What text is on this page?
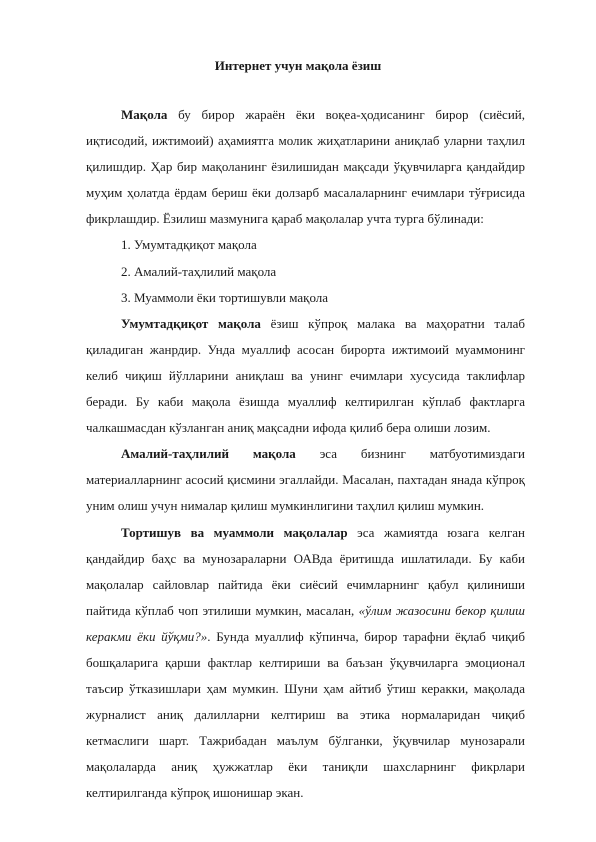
Интернет учун мақола ёзиш

Мақола бу бирор жараён ёки воқеа-ҳодисанинг бирор (сиёсий, иқтисодий, ижтимоий) аҳамиятга молик жиҳатларини аниқлаб уларни таҳлил қилишдир. Ҳар бир мақоланинг ёзилишидан мақсади ўқувчиларга қандайдир муҳим ҳолатда ёрдам бериш ёки долзарб масалаларнинг ечимлари тўғрисида фикрлашдир. Ёзилиш мазмунига қараб мақолалар учта турга бўлинади:

1. Умумтадқиқот мақола

2. Амалий-таҳлилий мақола

3. Муаммоли ёки тортишувли мақола

Умумтадқиқот мақола ёзиш кўпроқ малака ва маҳоратни талаб қиладиган жанрдир. Унда муаллиф асосан бирорта ижтимоий муаммонинг келиб чиқиш йўлларини аниқлаш ва унинг ечимлари хусусида таклифлар беради. Бу каби мақола ёзишда муаллиф келтирилган кўплаб фактларга чалкашмасдан кўзланган аниқ мақсадни ифода қилиб бера олиши лозим.

Амалий-таҳлилий мақола эса бизнинг матбуотимиздаги материалларнинг асосий қисмини эгаллайди. Масалан, пахтадан янада кўпроқ уним олиш учун нималар қилиш мумкинлигини таҳлил қилиш мумкин.

Тортишув ва муаммоли мақолалар эса жамиятда юзага келган қандайдир баҳс ва мунозараларни ОАВда ёритишда ишлатилади. Бу каби мақолалар сайловлар пайтида ёки сиёсий ечимларнинг қабул қилиниши пайтида кўплаб чоп этилиши мумкин, масалан, «ўлим жазосини бекор қилиш керакми ёки йўқми?». Бунда муаллиф кўпинча, бирор тарафни ёқлаб чиқиб бошқаларига қарши фактлар келтириши ва баъзан ўқувчиларга эмоционал таъсир ўтказишлари ҳам мумкин. Шуни ҳам айтиб ўтиш керакки, мақолада журналист аниқ далилларни келтириш ва этика нормаларидан чиқиб кетмаслиги шарт. Тажрибадан маълум бўлганки, ўқувчилар мунозарали мақолаларда аниқ ҳужжатлар ёки таниқли шахсларнинг фикрлари келтирилганда кўпроқ ишонишар экан.
